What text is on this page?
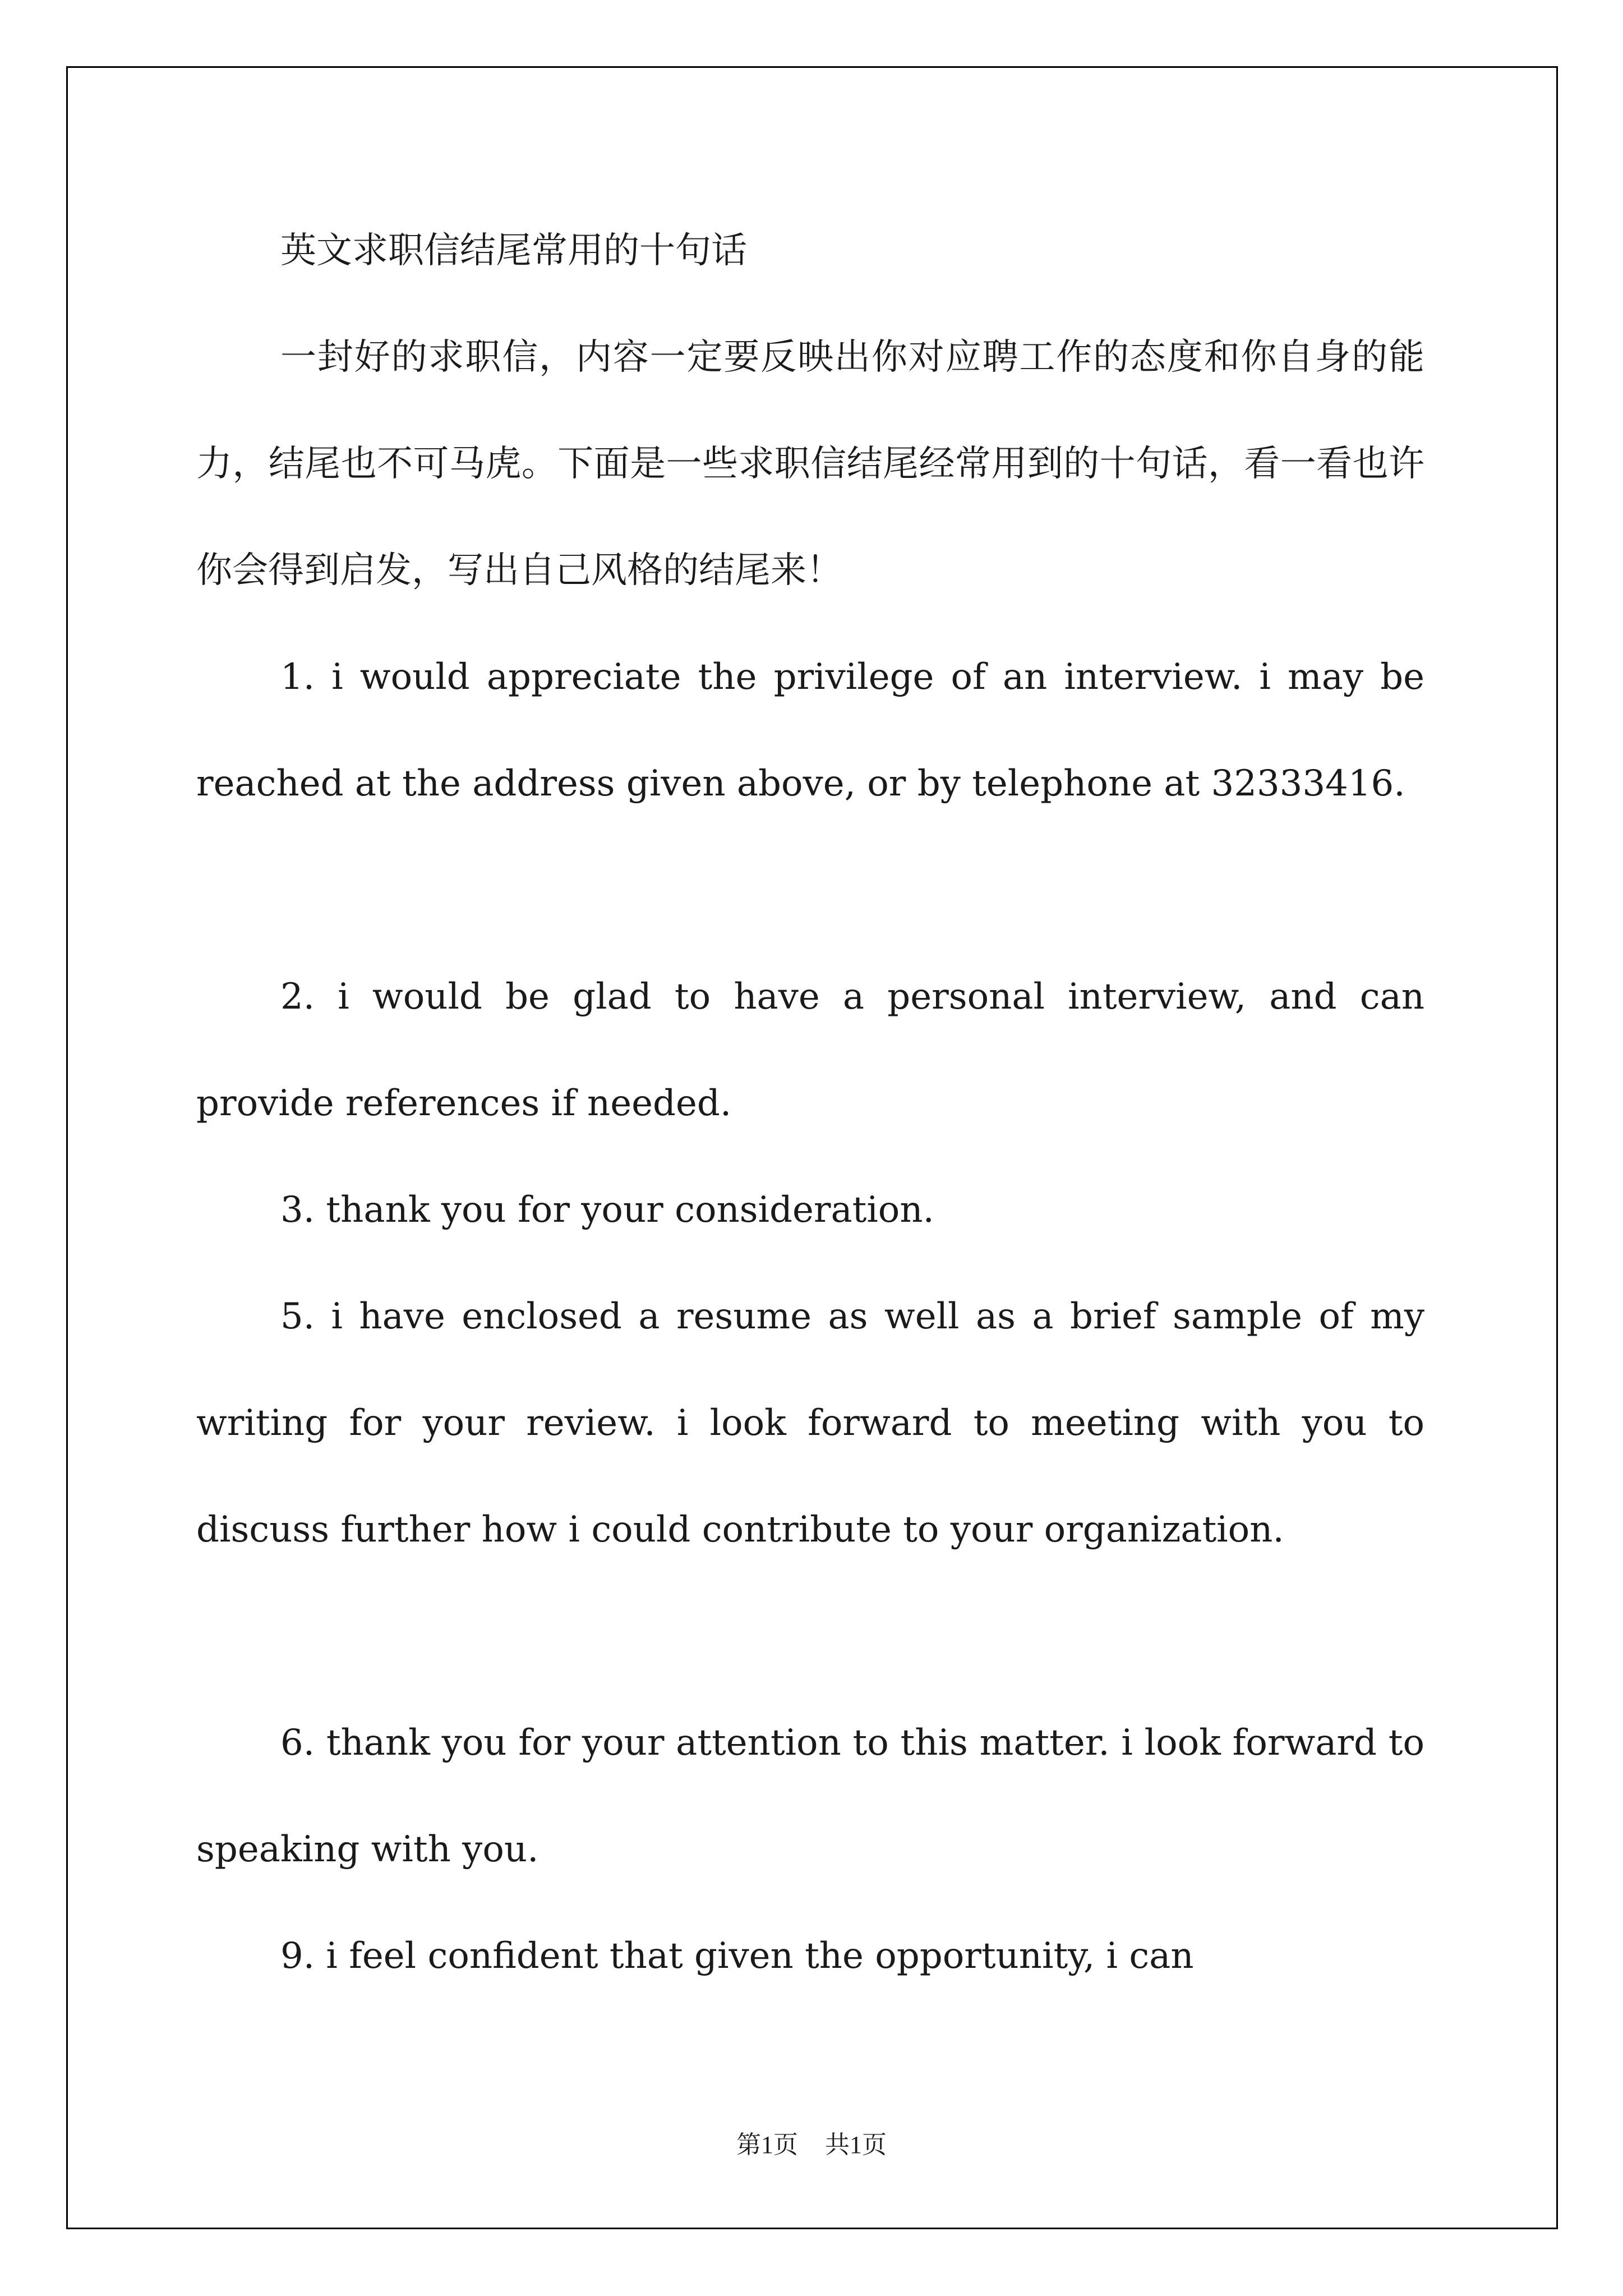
英文求职信结尾常用的十句话

一封好的求职信，内容一定要反映出你对应聘工作的态度和你自身的能力，结尾也不可马虎。下面是一些求职信结尾经常用到的十句话，看一看也许你会得到启发，写出自己风格的结尾来！

1. i would appreciate the privilege of an interview. i may be reached at the address given above, or by telephone at 32333416.

2. i would be glad to have a personal interview, and can provide references if needed.

3. thank you for your consideration.

5. i have enclosed a resume as well as a brief sample of my writing for your review. i look forward to meeting with you to discuss further how i could contribute to your organization.

6. thank you for your attention to this matter. i look forward to speaking with you.

9. i feel confident that given the opportunity, i can

第1页 共1页
